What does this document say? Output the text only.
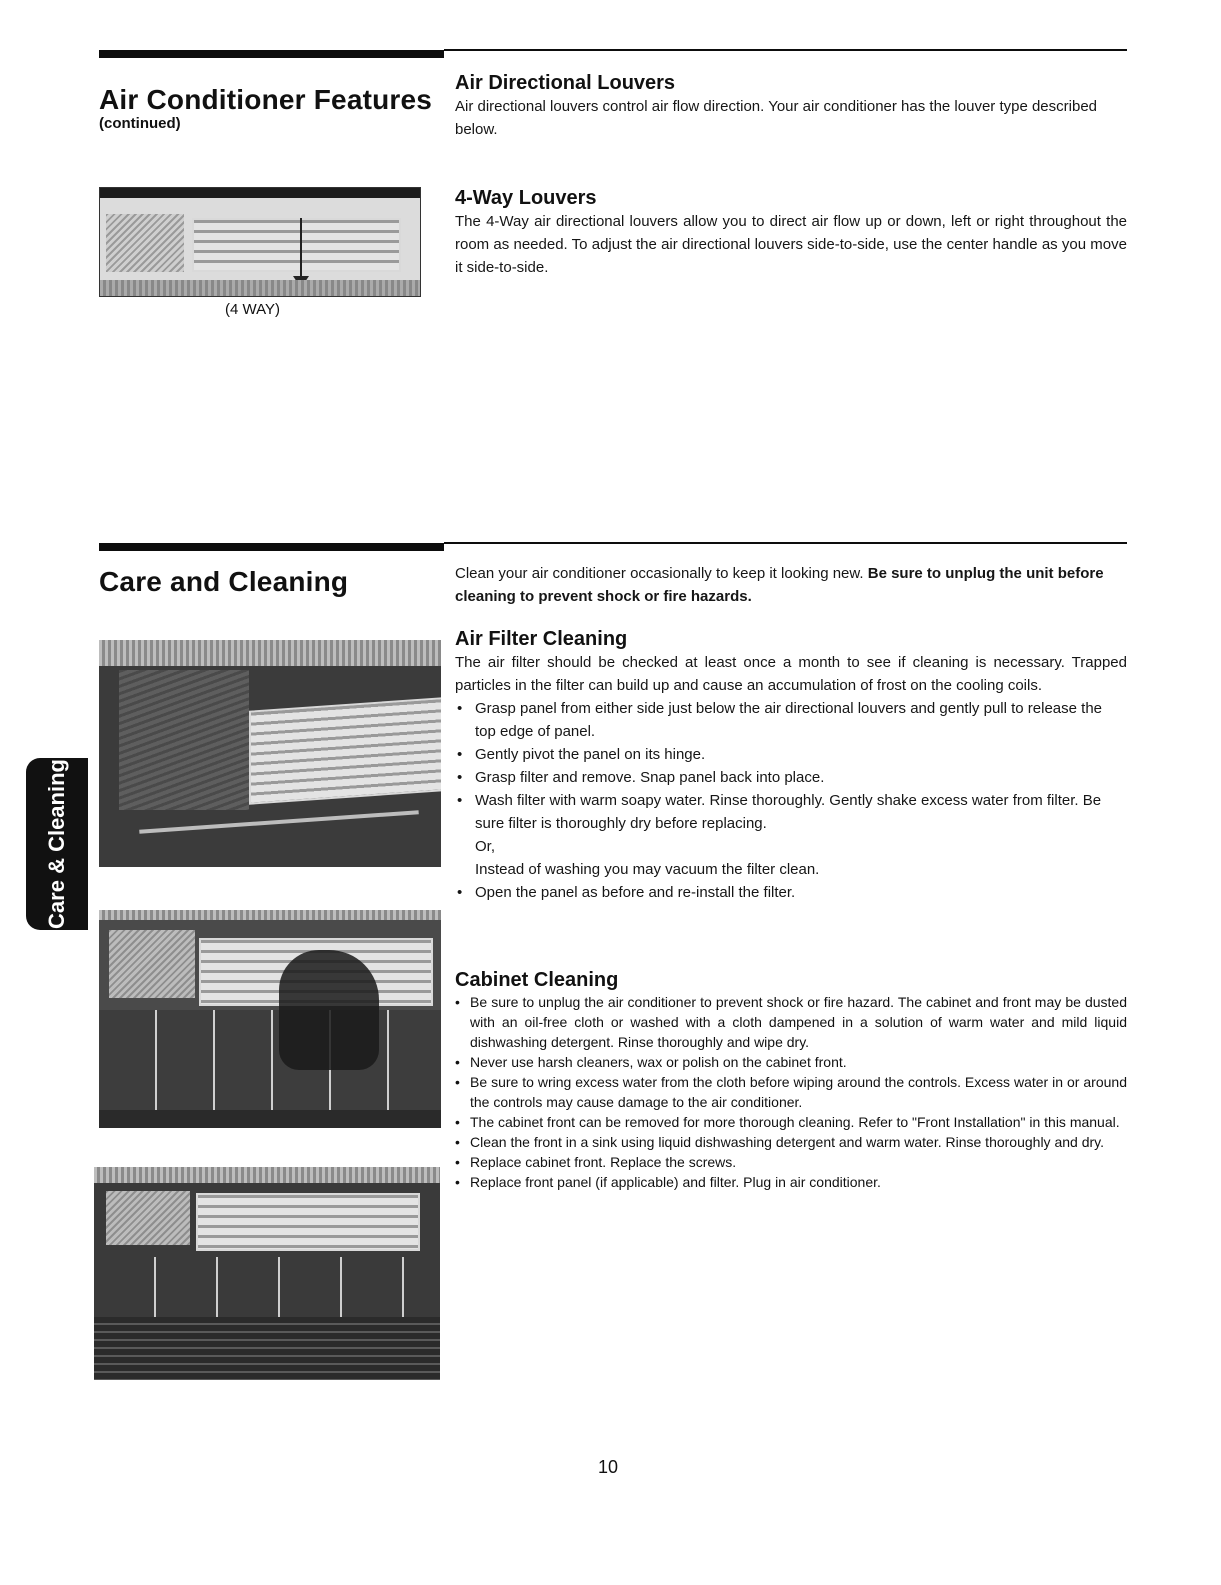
Air Conditioner Features
(continued)
Air Directional Louvers
Air directional louvers control air flow direction. Your air conditioner has the louver type described below.
4-Way Louvers
The 4-Way air directional louvers allow you to direct air flow up or down, left or right throughout the room as needed. To adjust the air directional louvers side-to-side, use the center handle as you move it side-to-side.
(4 WAY)
Care and Cleaning	Clean your air conditioner occasionally to keep it looking new. Be sure to unplug the unit before cleaning to prevent shock or fire hazards.
Care & Cleaning
Air Filter Cleaning
The air filter should be checked at least once a month to see if cleaning is necessary. Trapped particles in the filter can build up and cause an accumulation of frost on the cooling coils.
• Grasp panel from either side just below the air directional louvers and gently pull to release the top edge of panel.
• Gently pivot the panel on its hinge.
• Grasp filter and remove. Snap panel back into place.
• Wash filter with warm soapy water. Rinse thoroughly. Gently shake excess water from filter. Be sure filter is thoroughly dry before replacing.
Or,
Instead of washing you may vacuum the filter clean.
• Open the panel as before and re-install the filter.
Cabinet Cleaning
• Be sure to unplug the air conditioner to prevent shock or fire hazard. The cabinet and front may be dusted with an oil-free cloth or washed with a cloth dampened in a solution of warm water and mild liquid dishwashing detergent. Rinse thoroughly and wipe dry.
• Never use harsh cleaners, wax or polish on the cabinet front.
• Be sure to wring excess water from the cloth before wiping around the controls. Excess water in or around the controls may cause damage to the air conditioner.
• The cabinet front can be removed for more thorough cleaning. Refer to "Front Installation" in this manual.
• Clean the front in a sink using liquid dishwashing detergent and warm water. Rinse thoroughly and dry.
• Replace cabinet front. Replace the screws.
• Replace front panel (if applicable) and filter. Plug in air conditioner.
10
